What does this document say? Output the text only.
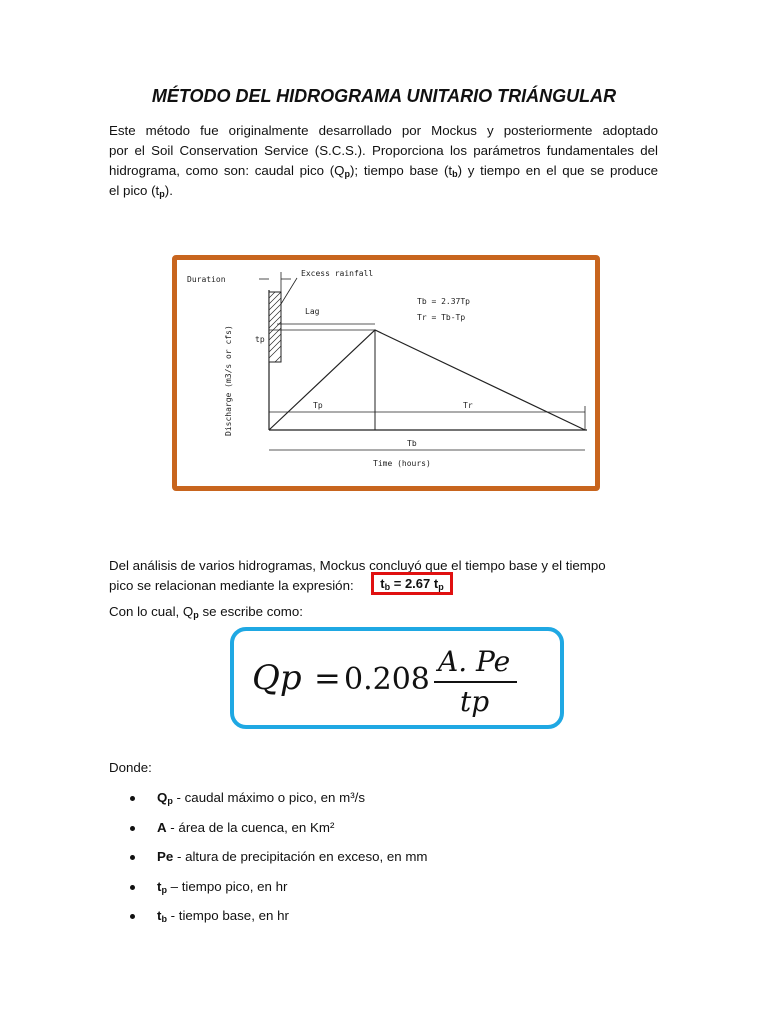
MÉTODO DEL HIDROGRAMA UNITARIO TRIÁNGULAR
Este método fue originalmente desarrollado por Mockus y posteriormente adoptado
por el Soil Conservation Service (S.C.S.). Proporciona los parámetros fundamentales del
hidrograma, como son: caudal pico $(Q_p)$; tiempo base $(t_b)$ y tiempo en el que se produce
el pico $(t_p)$.
Duration
Excess rainfall
Lag
Tb = 2.37Tp
Tr = Tb-Tp
tp
Discharge (m3/s or cfs)	Tp	Tr
Tb
Time (hours)
Del análisis de varios hidrogramas, Mockus concluyó que el tiempo base y el tiempo
pico se relacionan mediante la expresión:	$t_b = 2.67$ $t_p$
Con lo cual, $Q_p$ se escribe como:
Qp = 0.208
A. Pe
tp
Donde:
$Q_p$ - caudal máximo o pico, en m³/s
A - área de la cuenca, en Km²
Pe - altura de precipitación en exceso, en mm
$t_p$ – tiempo pico, en hr
$t_b$ - tiempo base, en hr
